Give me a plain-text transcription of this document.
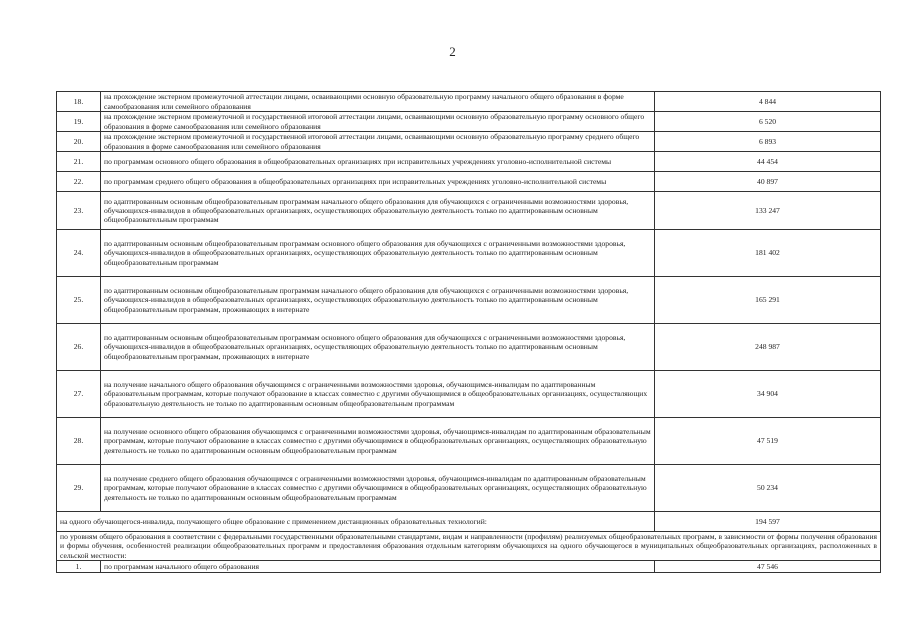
2
18.	на прохождение экстерном промежуточной аттестации лицами, осваивающими основную образовательную программу начального общего образования в форме самообразования или семейного образования	4 844
19.	на прохождение экстерном промежуточной и государственной итоговой аттестации лицами, осваивающими основную образовательную программу основного общего образования в форме самообразования или семейного образования	6 520
20.	на прохождение экстерном промежуточной и государственной итоговой аттестации лицами, осваивающими основную образовательную программу среднего общего образования в форме самообразования или семейного образования	6 893
21.	по программам основного общего образования в общеобразовательных организациях при исправительных учреждениях уголовно-исполнительной системы	44 454
22.	по программам среднего общего образования в общеобразовательных организациях при исправительных учреждениях уголовно-исполнительной системы	40 897
23.	по адаптированным основным общеобразовательным программам начального общего образования для обучающихся с ограниченными возможностями здоровья, обучающихся-инвалидов в общеобразовательных организациях, осуществляющих образовательную деятельность только по адаптированным основным общеобразовательным программам	133 247
24.	по адаптированным основным общеобразовательным программам основного общего образования для обучающихся с ограниченными возможностями здоровья, обучающихся-инвалидов в общеобразовательных организациях, осуществляющих образовательную деятельность только по адаптированным основным общеобразовательным программам	181 402
25.	по адаптированным основным общеобразовательным программам начального общего образования для обучающихся с ограниченными возможностями здоровья, обучающихся-инвалидов в общеобразовательных организациях, осуществляющих образовательную деятельность только по адаптированным основным общеобразовательным программам, проживающих в интернате	165 291
26.	по адаптированным основным общеобразовательным программам основного общего образования для обучающихся с ограниченными возможностями здоровья, обучающихся-инвалидов в общеобразовательных организациях, осуществляющих образовательную деятельность только по адаптированным основным общеобразовательным программам, проживающих в интернате	248 987
27.	на получение начального общего образования обучающимся с ограниченными возможностями здоровья, обучающимся-инвалидам по адаптированным образовательным программам, которые получают образование в классах совместно с другими обучающимися в общеобразовательных организациях, осуществляющих образовательную деятельность не только по адаптированным основным общеобразовательным программам	34 904
28.	на получение основного общего образования обучающимся с ограниченными возможностями здоровья, обучающимся-инвалидам по адаптированным образовательным программам, которые получают образование в классах совместно с другими обучающимися в общеобразовательных организациях, осуществляющих образовательную деятельность не только по адаптированным основным общеобразовательным программам	47 519
29.	на получение среднего общего образования обучающимся с ограниченными возможностями здоровья, обучающимся-инвалидам по адаптированным образовательным программам, которые получают образование в классах совместно с другими обучающимися в общеобразовательных организациях, осуществляющих образовательную деятельность не только по адаптированным основным общеобразовательным программам	50 234
на одного обучающегося-инвалида, получающего общее образование с применением дистанционных образовательных технологий:		194 597
по уровням общего образования в соответствии с федеральными государственными образовательными стандартами, видам и направленности (профилям) реализуемых общеобразовательных программ, в зависимости от формы получения образования и формы обучения, особенностей реализации общеобразовательных программ и предоставления образования отдельным категориям обучающихся на одного обучающегося в муниципальных общеобразовательных организациях, расположенных в сельской местности:		
1.	по программам начального общего образования	47 546
